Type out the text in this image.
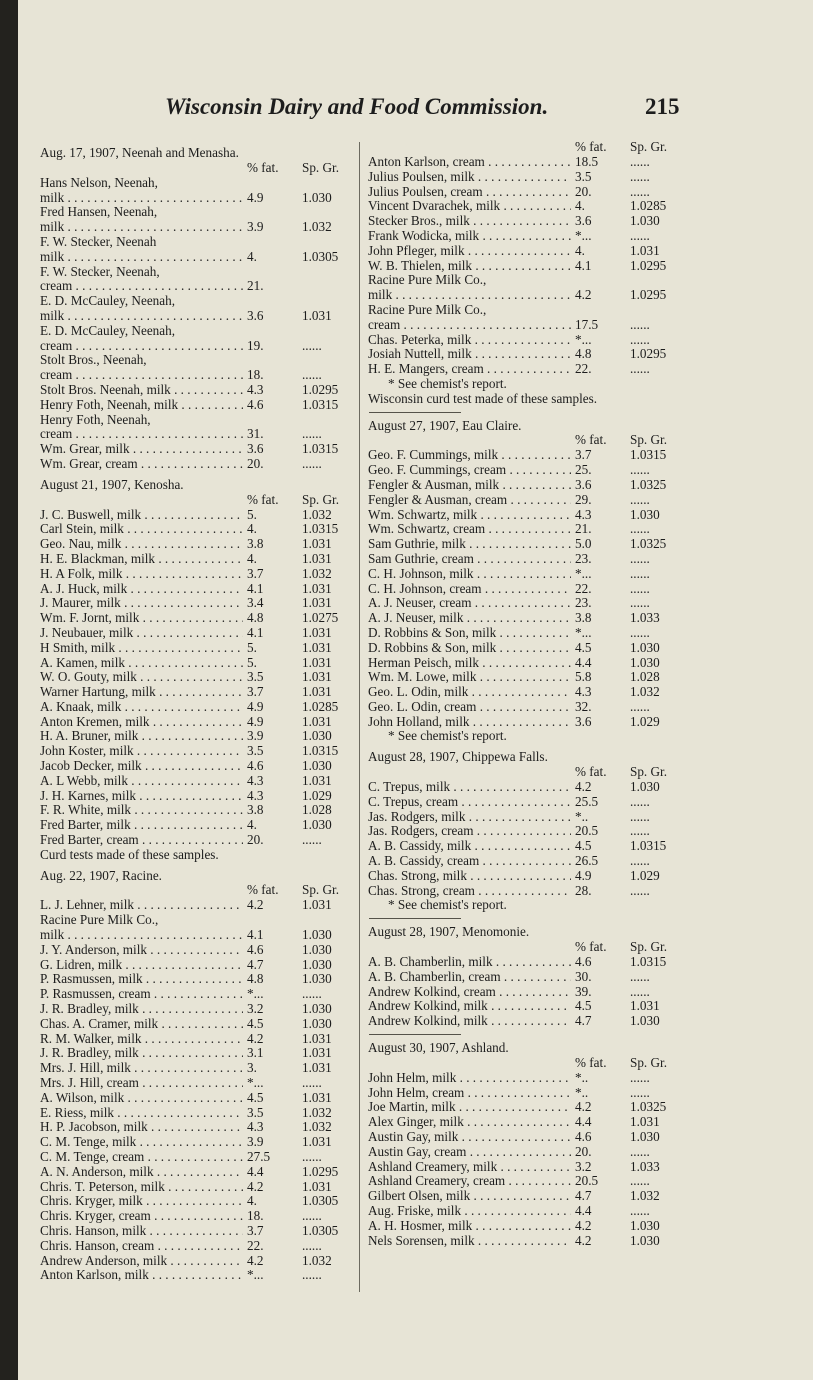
Wisconsin Dairy and Food Commission.	215
Aug. 17, 1907, Neenah and Menasha.
% fat. Sp. Gr.
Hans Nelson, Neenah,
milk . . .	4.9	1.030
Fred Hansen, Neenah,
milk . . .	3.9	1.032
F. W. Stecker, Neenah
milk . . .	4.	1.0305
F. W. Stecker, Neenah,
cream . . .	21.
E. D. McCauley, Neenah,
milk . . .	3.6	1.031
E. D. McCauley, Neenah,
cream . . .	19.	......
Stolt Bros., Neenah,
cream . . .	18.	......
Stolt Bros. Neenah, milk . . .	4.3	1.0295
Henry Foth, Neenah, milk . . .	4.6	1.0315
Henry Foth, Neenah,
cream . . .	31.	......
Wm. Grear, milk . . .	3.6	1.0315
Wm. Grear, cream . . .	20.	......
August 21, 1907, Kenosha.
% fat. Sp. Gr.
J. C. Buswell, milk . . .	5.	1.032
Carl Stein, milk . . .	4.	1.0315
Geo. Nau, milk . . .	3.8	1.031
H. E. Blackman, milk . . .	4.	1.031
H. A Folk, milk . . .	3.7	1.032
A. J. Huck, milk . . .	4.1	1.031
J. Maurer, milk . . .	3.4	1.031
Wm. F. Jornt, milk . . .	4.8	1.0275
J. Neubauer, milk . . .	4.1	1.031
H Smith, milk . . .	5.	1.031
A. Kamen, milk . . .	5.	1.031
W. O. Gouty, milk . . .	3.5	1.031
Warner Hartung, milk . . .	3.7	1.031
A. Knaak, milk . . .	4.9	1.0285
Anton Kremen, milk . . .	4.9	1.031
H. A. Bruner, milk . . .	3.9	1.030
John Koster, milk . . .	3.5	1.0315
Jacob Decker, milk . . .	4.6	1.030
A. L Webb, milk . . .	4.3	1.031
J. H. Karnes, milk . . .	4.3	1.029
F. R. White, milk . . .	3.8	1.028
Fred Barter, milk . . .	4.	1.030
Fred Barter, cream . . .	20.	......
Curd tests made of these samples.
Aug. 22, 1907, Racine.
% fat. Sp. Gr.
L. J. Lehner, milk . . .	4.2	1.031
Racine Pure Milk Co.,
milk . . .	4.1	1.030
J. Y. Anderson, milk . . .	4.6	1.030
G. Lidren, milk . . .	4.7	1.030
P. Rasmussen, milk . . .	4.8	1.030
P. Rasmussen, cream . . .	*...	......
J. R. Bradley, milk . . .	3.2	1.030
Chas. A. Cramer, milk . . .	4.5	1.030
R. M. Walker, milk . . .	4.2	1.031
J. R. Bradley, milk . . .	3.1	1.031
Mrs. J. Hill, milk . . .	3.	1.031
Mrs. J. Hill, cream . . .	*...	......
A. Wilson, milk . . .	4.5	1.031
E. Riess, milk . . .	3.5	1.032
H. P. Jacobson, milk . . .	4.3	1.032
C. M. Tenge, milk . . .	3.9	1.031
C. M. Tenge, cream . . .	27.5 ......
A. N. Anderson, milk . . .	4.4	1.0295
Chris. T. Peterson, milk . . .	4.2	1.031
Chris. Kryger, milk . . .	4.	1.0305
Chris. Kryger, cream . . .	18.	......
Chris. Hanson, milk . . .	3.7	1.0305
Chris. Hanson, cream . . .	22.	......
Andrew Anderson, milk . . .	4.2	1.032
Anton Karlson, milk . . .	*...	......
% fat. Sp. Gr.
Anton Karlson, cream . . .	18.5 ......
Julius Poulsen, milk . . .	3.5	......
Julius Poulsen, cream . . .	20.	......
Vincent Dvarachek, milk . . .	4.	1.0285
Stecker Bros., milk . . .	3.6	1.030
Frank Wodicka, milk . . .	*...	......
John Pfleger, milk . . .	4.	1.031
W. B. Thielen, milk . . .	4.1	1.0295
Racine Pure Milk Co.,
milk . . .	4.2	1.0295
Racine Pure Milk Co.,
cream . . .	17.5 ......
Chas. Peterka, milk . . .	*...	......
Josiah Nuttell, milk . . .	4.8	1.0295
H. E. Mangers, cream . . .	22.	......
* See chemist's report.
Wisconsin curd test made of these samples.
August 27, 1907, Eau Claire.
% fat. Sp. Gr.
Geo. F. Cummings, milk . . .	3.7	1.0315
Geo. F. Cummings, cream . . .	25.	......
Fengler & Ausman, milk . . .	3.6	1.0325
Fengler & Ausman, cream . . .	29.	......
Wm. Schwartz, milk . . .	4.3	1.030
Wm. Schwartz, cream . . .	21.	......
Sam Guthrie, milk . . .	5.0	1.0325
Sam Guthrie, cream . . .	23.	......
C. H. Johnson, milk . . .	*...	......
C. H. Johnson, cream . . .	22.	......
A. J. Neuser, cream . . .	23.	......
A. J. Neuser, milk . . .	3.8	1.033
D. Robbins & Son, milk . . .	*...	......
D. Robbins & Son, milk . . .	4.5	1.030
Herman Peisch, milk . . .	4.4	1.030
Wm. M. Lowe, milk . . .	5.8	1.028
Geo. L. Odin, milk . . .	4.3	1.032
Geo. L. Odin, cream . . .	32.	......
John Holland, milk . . .	3.6	1.029
* See chemist's report.
August 28, 1907, Chippewa Falls.
% fat. Sp. Gr.
C. Trepus, milk . . .	4.2	1.030
C. Trepus, cream . . .	25.5 ......
Jas. Rodgers, milk . . .	*..	......
Jas. Rodgers, cream . . .	20.5 ......
A. B. Cassidy, milk . . .	4.5	1.0315
A. B. Cassidy, cream . . .	26.5 ......
Chas. Strong, milk . . .	4.9	1.029
Chas. Strong, cream . . .	28.	......
* See chemist's report.
August 28, 1907, Menomonie.
% fat. Sp. Gr.
A. B. Chamberlin, milk . . .	4.6	1.0315
A. B. Chamberlin, cream . . .	30.	......
Andrew Kolkind, cream . . .	39.	......
Andrew Kolkind, milk . . .	4.5	1.031
Andrew Kolkind, milk . . .	4.7	1.030
August 30, 1907, Ashland.
% fat. Sp. Gr.
John Helm, milk . . .	*..	......
John Helm, cream . . .	*..	......
Joe Martin, milk . . .	4.2	1.0325
Alex Ginger, milk . . .	4.4	1.031
Austin Gay, milk . . .	4.6	1.030
Austin Gay, cream . . .	20.	......
Ashland Creamery, milk . . .	3.2	1.033
Ashland Creamery, cream . . .	20.5 ......
Gilbert Olsen, milk . . .	4.7	1.032
Aug. Friske, milk . . .	4.4	......
A. H. Hosmer, milk . . .	4.2	1.030
Nels Sorensen, milk . . .	4.2	1.030
